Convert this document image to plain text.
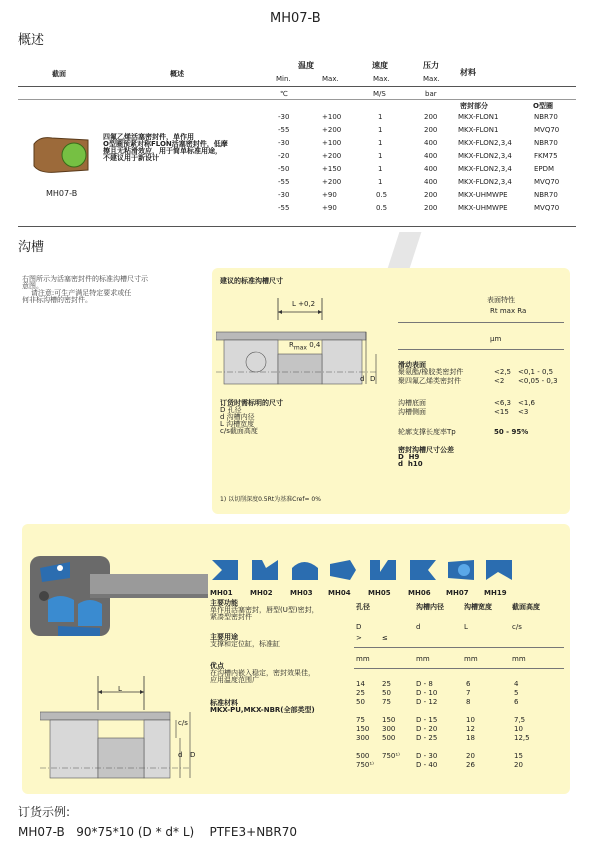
MH07-B
概述
截面	概述
温度	速度	压力
材料
Min.	Max.	Max.	Max.
℃	M/S	bar
密封部分	O型圈
MH07-B
四氟乙烯活塞密封件，单作用
O型圈预紧对称FLON活塞密封件，低摩
擦且无粘滑效应，用于简单标准用途，
不建议用于新设计
-30	+100	1	200	MKX-FLON1	NBR70
-55	+200	1	200	MKX-FLON1	MVQ70
-30	+100	1	400	MKX-FLON2,3,4	NBR70
-20	+200	1	400	MKX-FLON2,3,4	FKM75
-50	+150	1	400	MKX-FLON2,3,4	EPDM
-55	+200	1	400	MKX-FLON2,3,4	MVQ70
-30	+90	0.5	200	MKX-UHMWPE	NBR70
-55	+90	0.5	200	MKX-UHMWPE	MVQ70
沟槽
右图所示为活塞密封件的标准沟槽尺寸示
意图。
请注意:可生产满足特定要求或任
何非标沟槽的密封件。
建议的标准沟槽尺寸
L +0,2
$R_{max}$ 0,4
d D
订货时需标明的尺寸
D 孔径
d 沟槽内径
L 沟槽宽度
c/s截面高度
1) 以切削深度0.5Rt为基准Cref= 0%
表面特性
Rt max Ra
μm
滑动表面
聚氨酯/橡胶类密封件	<2,5 <0,1 - 0,5
聚四氟乙烯类密封件	<2 <0,05 - 0,3
沟槽底面	<6,3 <1,6
沟槽侧面	<15 <3
轮廓支撑长度率Tp	50 - 95%
密封沟槽尺寸公差
D  H9
d  h10
MH01 MH02 MH03 MH04 MH05 MH06 MH07 MH19
主要功能
单作用活塞密封，唇型(U型)密封，
紧凑型密封件
主要用途
支撑和定位缸，标准缸
优点
在沟槽内嵌入稳定，密封效果佳，
应用温度范围广
标准材料
MKX-PU,MKX-NBR(全部类型)
L
c/s
d D
孔径	沟槽内径	沟槽宽度	截面高度
D
>	≤
d	L	c/s
mm	mm	mm	mm
14 25	D - 8	6	4
25 50	D - 10	7	5
50 75	D - 12	8	6
75 150	D - 15	10	7,5
150 300	D - 20	12	10
300 500	D - 25	18	12,5
500 750¹⁾ D - 30	20	15
750¹⁾	D - 40	26	20
订货示例:
MH07-B   90*75*10 (D * d* L)    PTFE3+NBR70
